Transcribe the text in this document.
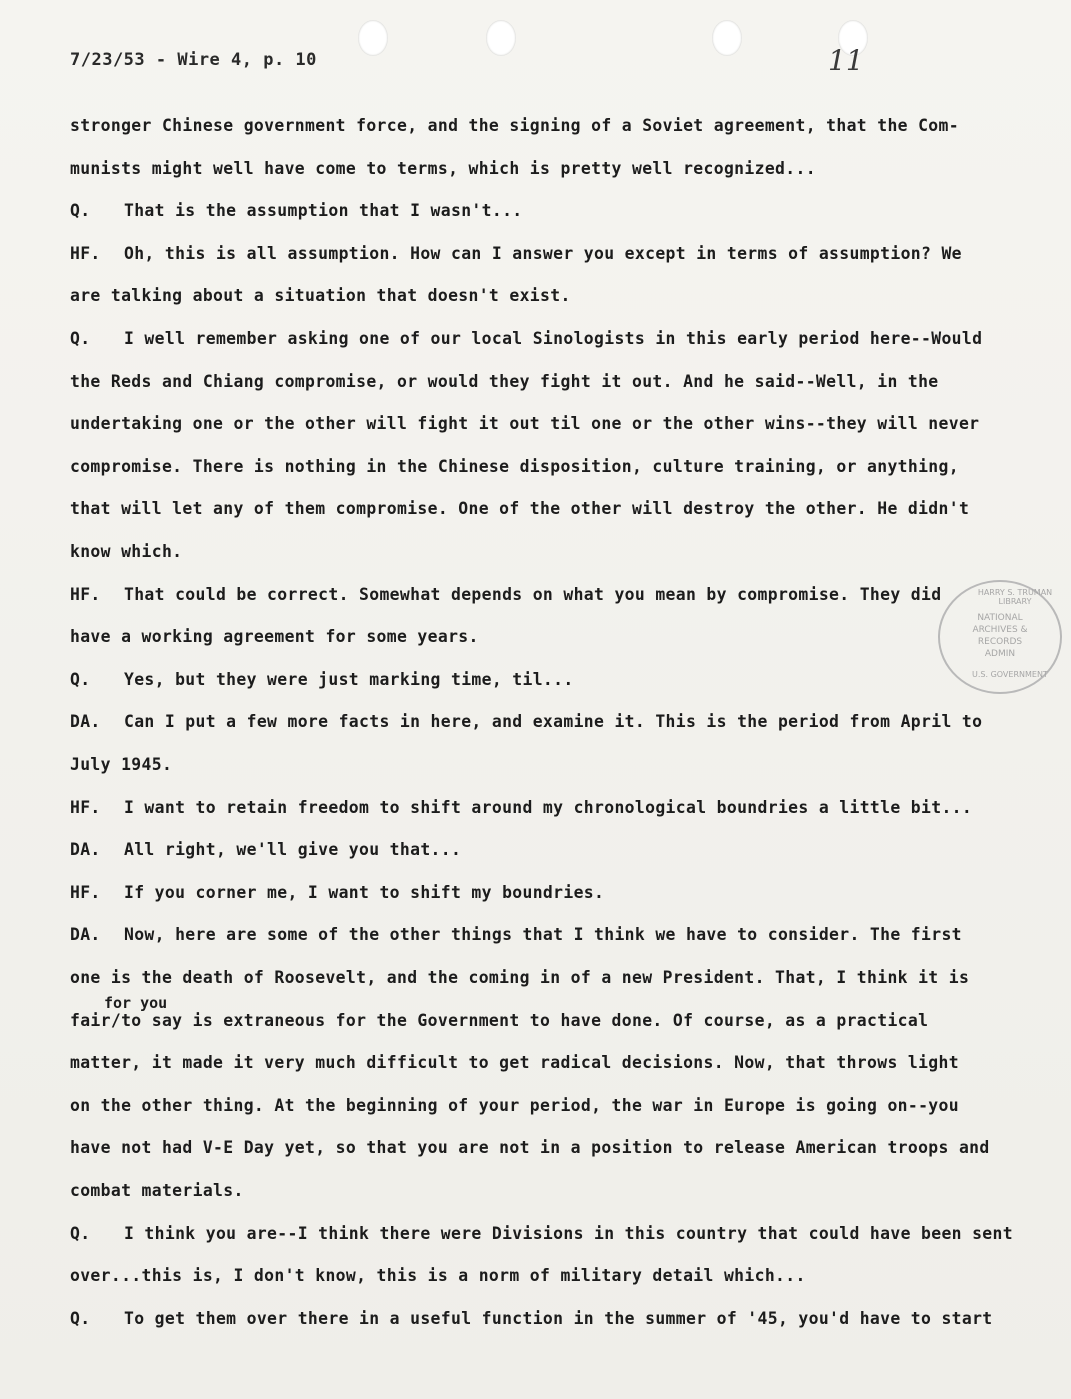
7/23/53 - Wire 4, p. 10	11
HARRY S. TRUMAN LIBRARY
NATIONAL ARCHIVES & RECORDS ADMIN
U.S. GOVERNMENT
for you
stronger Chinese government force, and the signing of a Soviet agreement, that the Com-
munists might well have come to terms, which is pretty well recognized...
Q. That is the assumption that I wasn't...
HF. Oh, this is all assumption. How can I answer you except in terms of assumption? We
are talking about a situation that doesn't exist.
Q. I well remember asking one of our local Sinologists in this early period here--Would
the Reds and Chiang compromise, or would they fight it out. And he said--Well, in the
undertaking one or the other will fight it out til one or the other wins--they will never
compromise. There is nothing in the Chinese disposition, culture training, or anything,
that will let any of them compromise. One of the other will destroy the other. He didn't
know which.
HF. That could be correct. Somewhat depends on what you mean by compromise. They did
have a working agreement for some years.
Q. Yes, but they were just marking time, til...
DA. Can I put a few more facts in here, and examine it. This is the period from April to
July 1945.
HF. I want to retain freedom to shift around my chronological boundries a little bit...
DA. All right, we'll give you that...
HF. If you corner me, I want to shift my boundries.
DA. Now, here are some of the other things that I think we have to consider. The first
one is the death of Roosevelt, and the coming in of a new President. That, I think it is
fair/to say is extraneous for the Government to have done. Of course, as a practical
matter, it made it very much difficult to get radical decisions. Now, that throws light
on the other thing. At the beginning of your period, the war in Europe is going on--you
have not had V-E Day yet, so that you are not in a position to release American troops and
combat materials.
Q. I think you are--I think there were Divisions in this country that could have been sent
over...this is, I don't know, this is a norm of military detail which...
Q. To get them over there in a useful function in the summer of '45, you'd have to start
